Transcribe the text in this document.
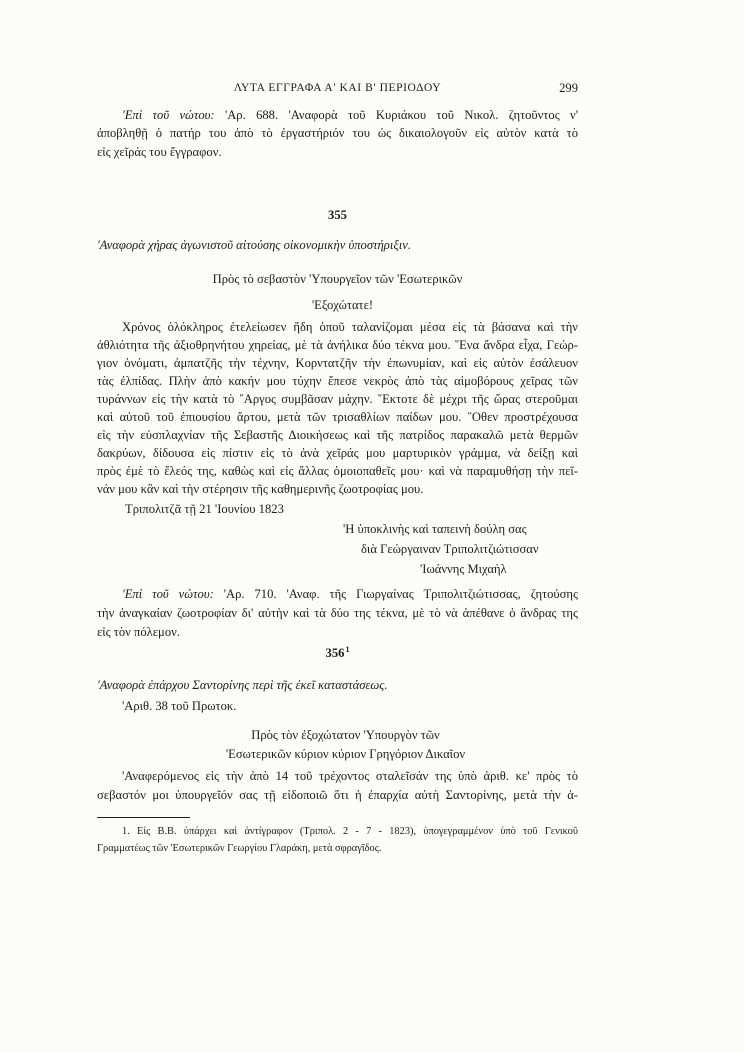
ΛΥΤΑ ΕΓΓΡΑΦΑ Α' ΚΑΙ Β' ΠΕΡΙΟΔΟΥ	299
'Επὶ τοῦ νώτου: 'Αρ. 688. 'Αναφορὰ τοῦ Κυριάκου τοῦ Νικολ. ζητοῦντος ν'
ἀποβληθῇ ὁ πατήρ του ἀπὸ τὸ ἐργαστήριόν του ὡς δικαιολογοῦν εἰς αὐτὸν κατὰ τὸ
εἰς χεῖράς του ἔγγραφον.
355
'Αναφορὰ χήρας ἀγωνιστοῦ αἰτούσης οἰκονομικὴν ὑποστήριξιν.
Πρὸς τὸ σεβαστὸν 'Υπουργεῖον τῶν 'Εσωτερικῶν
'Εξοχώτατε!
Χρόνος ὁλόκληρος ἐτελείωσεν ἤδη ὁποῦ ταλανίζομαι μέσα εἰς τὰ βάσανα καὶ τὴν
ἀθλιότητα τῆς ἀξιοθρηνήτου χηρείας, μὲ τὰ ἀνήλικα δύο τέκνα μου. ῞Ενα ἄνδρα εἶχα, Γεώρ-
γιον ὀνόματι, ἀμπατζῆς τὴν τέχνην, Κορντατζῆν τὴν ἐπωνυμίαν, καὶ εἰς αὐτὸν ἐσάλευον
τὰς ἐλπίδας. Πλὴν ἀπὸ κακήν μου τύχην ἔπεσε νεκρὸς ἀπὸ τὰς αἱμοβόρους χεῖρας τῶν
τυράννων εἰς τὴν κατὰ τὸ ῎Αργος συμβᾶσαν μάχην. ῞Εκτοτε δὲ μέχρι τῆς ὥρας στεροῦμαι
καὶ αὐτοῦ τοῦ ἐπιουσίου ἄρτου, μετὰ τῶν τρισαθλίων παίδων μου. ῞Οθεν προστρέχουσα
εἰς τὴν εὐσπλαχνίαν τῆς Σεβαστῆς Διοικήσεως καὶ τῆς πατρίδος παρακαλῶ μετὰ θερμῶν
δακρύων, δίδουσα εἰς πίστιν εἰς τὸ ἀνὰ χεῖράς μου μαρτυρικὸν γράμμα, νὰ δείξῃ καὶ
πρὸς ἐμὲ τὸ ἔλεός της, καθὼς καὶ εἰς ἄλλας ὁμοιοπαθεῖς μου· καὶ νὰ παραμυθήσῃ τὴν πεῖ-
νάν μου κἂν καὶ τὴν στέρησιν τῆς καθημερινῆς ζωοτροφίας μου.
Τριπολιτζᾶ τῇ 21 'Ιουνίου 1823
'Η ὑποκλινὴς καὶ ταπεινὴ δούλη σας
διὰ Γεώργαιναν Τριπολιτζιώτισσαν
'Ιωάννης Μιχαὴλ
'Επὶ τοῦ νώτου: 'Αρ. 710. 'Αναφ. τῆς Γιωργαίνας Τριπολιτζιώτισσας, ζητούσης
τὴν ἀναγκαίαν ζωοτροφίαν δι' αὐτὴν καὶ τὰ δύο της τέκνα, μὲ τὸ νὰ ἀπέθανε ὁ ἄνδρας της
εἰς τὸν πόλεμον.
$356^1$
'Αναφορὰ ἐπάρχου Σαντορίνης περὶ τῆς ἐκεῖ καταστάσεως.
'Αριθ. 38 τοῦ Πρωτοκ.
Πρὸς τὸν ἐξοχώτατον 'Υπουργὸν τῶν
'Εσωτερικῶν κύριον κύριον Γρηγόριον Δικαῖον
'Αναφερόμενος εἰς τὴν ἀπὸ 14 τοῦ τρέχοντος σταλεῖσάν της ὑπὸ ἀριθ. κε' πρὸς τὸ
σεβαστόν μοι ὑπουργεῖόν σας τῇ εἰδοποιῶ ὅτι ἡ ἐπαρχία αὐτὴ Σαντορίνης, μετὰ τὴν ἀ-
1. Εἰς Β.Β. ὑπάρχει καὶ ἀντίγραφον (Τριπολ. 2 - 7 - 1823), ὑπογεγραμμένον ὑπὸ τοῦ Γενικοῦ
Γραμματέως τῶν 'Εσωτερικῶν Γεωργίου Γλαράκη, μετὰ σφραγῖδος.
